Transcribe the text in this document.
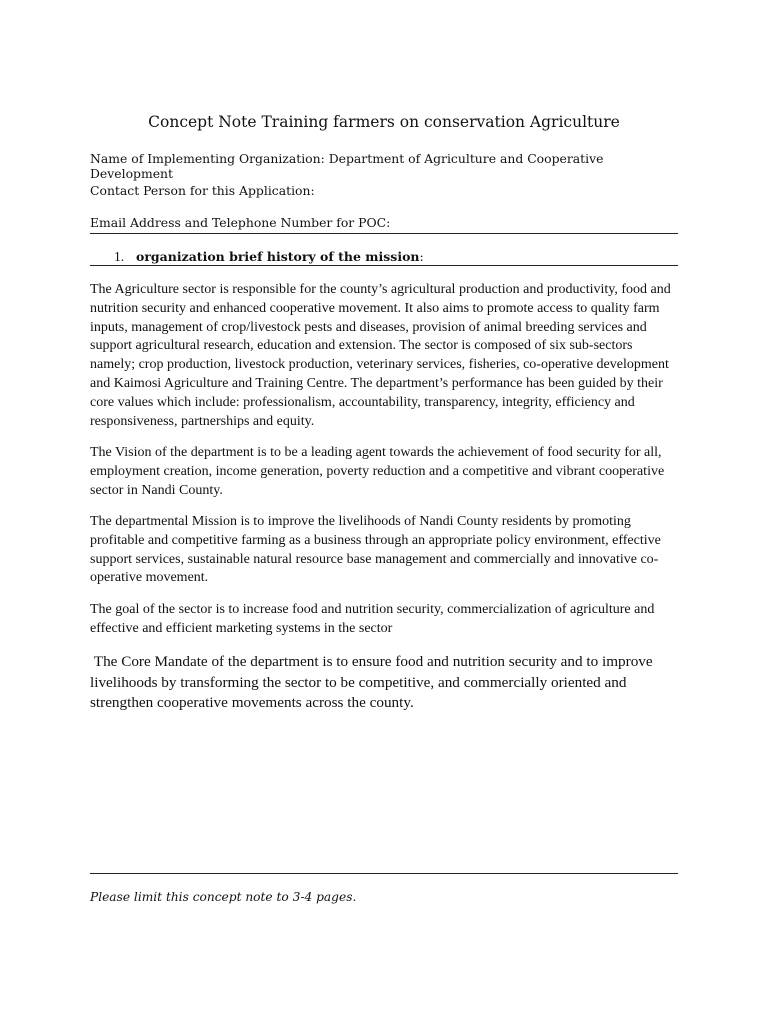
Concept Note Training farmers on conservation Agriculture
Name of Implementing Organization: Department of Agriculture and Cooperative Development
Contact Person for this Application:
Email Address and Telephone Number for POC:
1. organization brief history of the mission:

The Agriculture sector is responsible for the county’s agricultural production and productivity, food and nutrition security and enhanced cooperative movement. It also aims to promote access to quality farm inputs, management of crop/livestock pests and diseases, provision of animal breeding services and support agricultural research, education and extension. The sector is composed of six sub-sectors namely; crop production, livestock production, veterinary services, fisheries, co-operative development and Kaimosi Agriculture and Training Centre. The department’s performance has been guided by their core values which include: professionalism, accountability, transparency, integrity, efficiency and responsiveness, partnerships and equity.

The Vision of the department is to be a leading agent towards the achievement of food security for all, employment creation, income generation, poverty reduction and a competitive and vibrant cooperative sector in Nandi County.

The departmental Mission is to improve the livelihoods of Nandi County residents by promoting profitable and competitive farming as a business through an appropriate policy environment, effective support services, sustainable natural resource base management and commercially and innovative co-operative movement.

The goal of the sector is to increase food and nutrition security, commercialization of agriculture and effective and efficient marketing systems in the sector

The Core Mandate of the department is to ensure food and nutrition security and to improve livelihoods by transforming the sector to be competitive, and commercially oriented and strengthen cooperative movements across the county.

Please limit this concept note to 3-4 pages.
